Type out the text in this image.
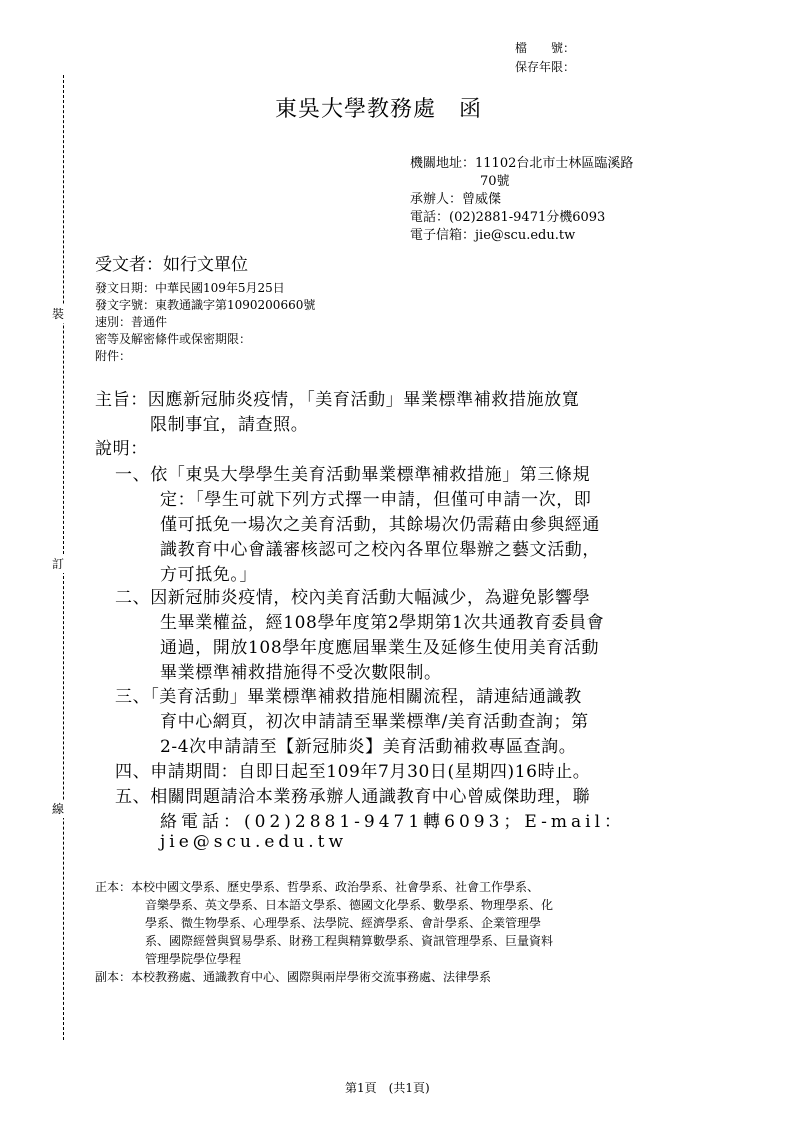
裝
訂
線
檔　　號：
保存年限：
東吳大學教務處　函
機關地址：11102台北市士林區臨溪路
70號
承辦人：曾威傑
電話：(02)2881-9471分機6093
電子信箱：jie@scu.edu.tw
受文者：如行文單位
發文日期：中華民國109年5月25日
發文字號：東教通識字第1090200660號
速別：普通件
密等及解密條件或保密期限：
附件：
主旨：因應新冠肺炎疫情，「美育活動」畢業標準補救措施放寬
限制事宜，請查照。
說明：
一、依「東吳大學學生美育活動畢業標準補救措施」第三條規
定：「學生可就下列方式擇一申請，但僅可申請一次，即
僅可抵免一場次之美育活動，其餘場次仍需藉由參與經通
識教育中心會議審核認可之校內各單位舉辦之藝文活動，
方可抵免。」
二、因新冠肺炎疫情，校內美育活動大幅減少，為避免影響學
生畢業權益，經108學年度第2學期第1次共通教育委員會
通過，開放108學年度應屆畢業生及延修生使用美育活動
畢業標準補救措施得不受次數限制。
三、「美育活動」畢業標準補救措施相關流程，請連結通識教
育中心網頁，初次申請請至畢業標準/美育活動查詢；第
2-4次申請請至【新冠肺炎】美育活動補救專區查詢。
四、申請期間：自即日起至109年7月30日(星期四)16時止。
五、相關問題請洽本業務承辦人通識教育中心曾威傑助理，聯
絡電話：(02)2881-9471轉6093；E-mail：
jie@scu.edu.tw
正本：本校中國文學系、歷史學系、哲學系、政治學系、社會學系、社會工作學系、
音樂學系、英文學系、日本語文學系、德國文化學系、數學系、物理學系、化
學系、微生物學系、心理學系、法學院、經濟學系、會計學系、企業管理學
系、國際經營與貿易學系、財務工程與精算數學系、資訊管理學系、巨量資料
管理學院學位學程
副本：本校教務處、通識教育中心、國際與兩岸學術交流事務處、法律學系
第1頁　(共1頁)
